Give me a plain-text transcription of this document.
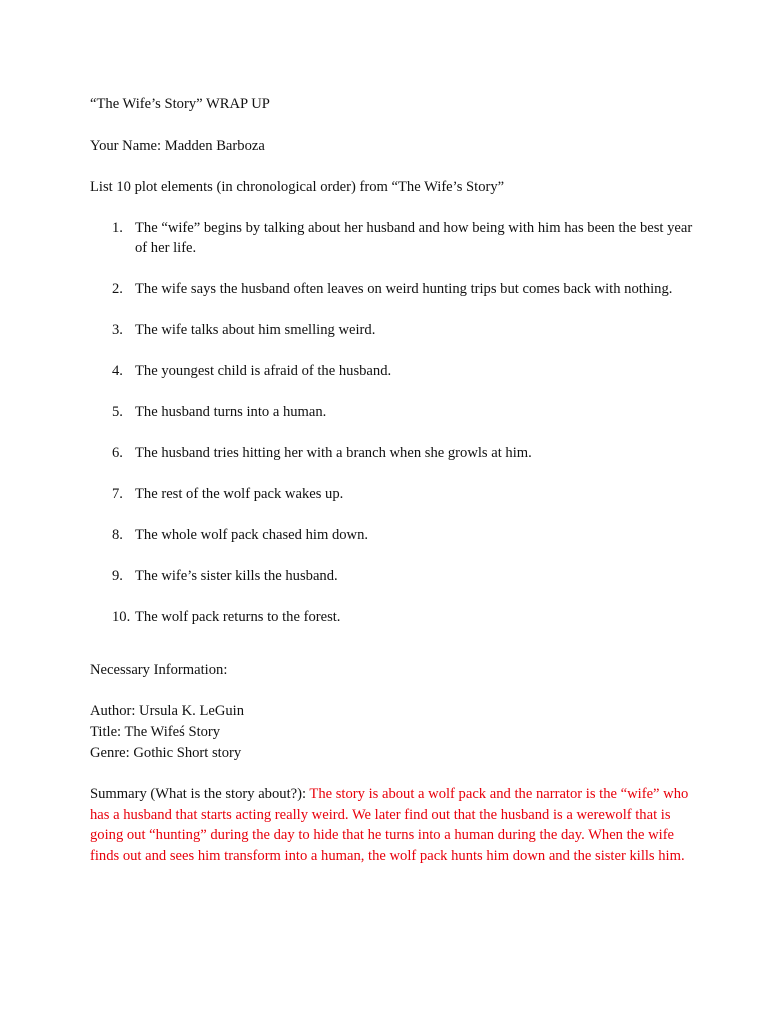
“The Wife’s Story” WRAP UP

Your Name: Madden Barboza

List 10 plot elements (in chronological order) from “The Wife’s Story”

1. The “wife” begins by talking about her husband and how being with him has been the best year of her life.
2. The wife says the husband often leaves on weird hunting trips but comes back with nothing.
3. The wife talks about him smelling weird.
4. The youngest child is afraid of the husband.
5. The husband turns into a human.
6. The husband tries hitting her with a branch when she growls at him.
7. The rest of the wolf pack wakes up.
8. The whole wolf pack chased him down.
9. The wife’s sister kills the husband.
10. The wolf pack returns to the forest.

Necessary Information:

Author: Ursula K. LeGuin

Title: The Wifeś Story

Genre: Gothic Short story

Summary (What is the story about?): The story is about a wolf pack and the narrator is the “wife” who has a husband that starts acting really weird. We later find out that the husband is a werewolf that is going out “hunting” during the day to hide that he turns into a human during the day. When the wife finds out and sees him transform into a human, the wolf pack hunts him down and the sister kills him.
